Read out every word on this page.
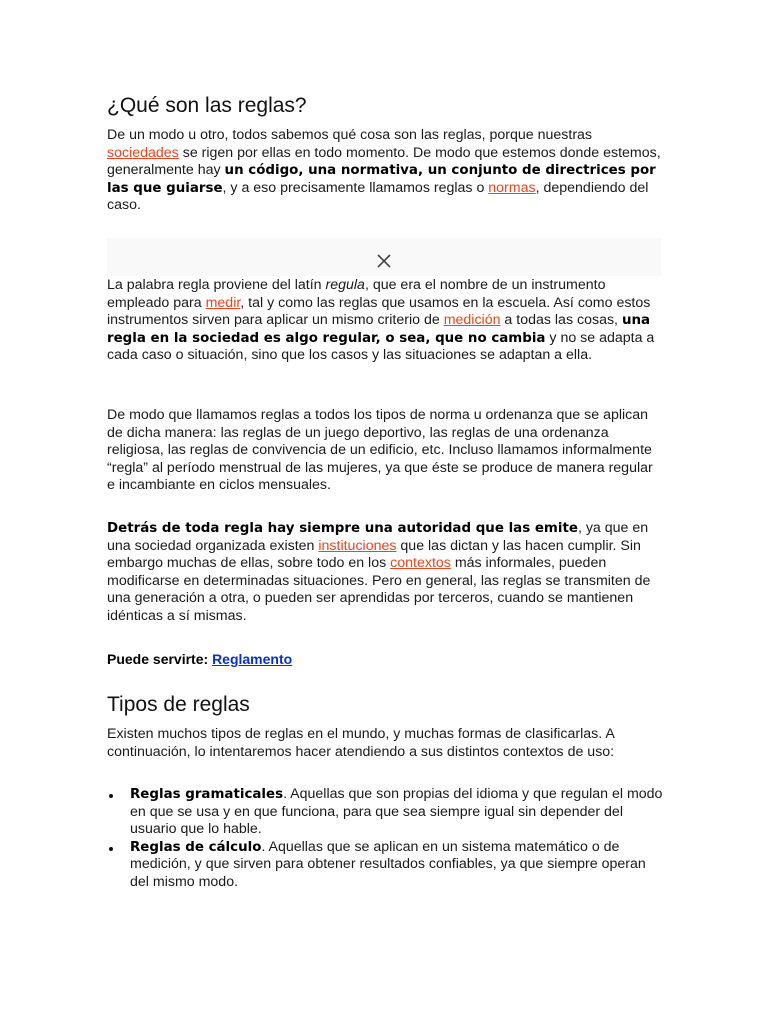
¿Qué son las reglas?

De un modo u otro, todos sabemos qué cosa son las reglas, porque nuestras sociedades se rigen por ellas en todo momento. De modo que estemos donde estemos, generalmente hay un código, una normativa, un conjunto de directrices por las que guiarse, y a eso precisamente llamamos reglas o normas, dependiendo del caso.

La palabra regla proviene del latín regula, que era el nombre de un instrumento empleado para medir, tal y como las reglas que usamos en la escuela. Así como estos instrumentos sirven para aplicar un mismo criterio de medición a todas las cosas, una regla en la sociedad es algo regular, o sea, que no cambia y no se adapta a cada caso o situación, sino que los casos y las situaciones se adaptan a ella.

De modo que llamamos reglas a todos los tipos de norma u ordenanza que se aplican de dicha manera: las reglas de un juego deportivo, las reglas de una ordenanza religiosa, las reglas de convivencia de un edificio, etc. Incluso llamamos informalmente “regla” al período menstrual de las mujeres, ya que éste se produce de manera regular e incambiante en ciclos mensuales.

Detrás de toda regla hay siempre una autoridad que las emite, ya que en una sociedad organizada existen instituciones que las dictan y las hacen cumplir. Sin embargo muchas de ellas, sobre todo en los contextos más informales, pueden modificarse en determinadas situaciones. Pero en general, las reglas se transmiten de una generación a otra, o pueden ser aprendidas por terceros, cuando se mantienen idénticas a sí mismas.

Puede servirte: Reglamento

Tipos de reglas

Existen muchos tipos de reglas en el mundo, y muchas formas de clasificarlas. A continuación, lo intentaremos hacer atendiendo a sus distintos contextos de uso:

Reglas gramaticales. Aquellas que son propias del idioma y que regulan el modo en que se usa y en que funciona, para que sea siempre igual sin depender del usuario que lo hable.
Reglas de cálculo. Aquellas que se aplican en un sistema matemático o de medición, y que sirven para obtener resultados confiables, ya que siempre operan del mismo modo.
